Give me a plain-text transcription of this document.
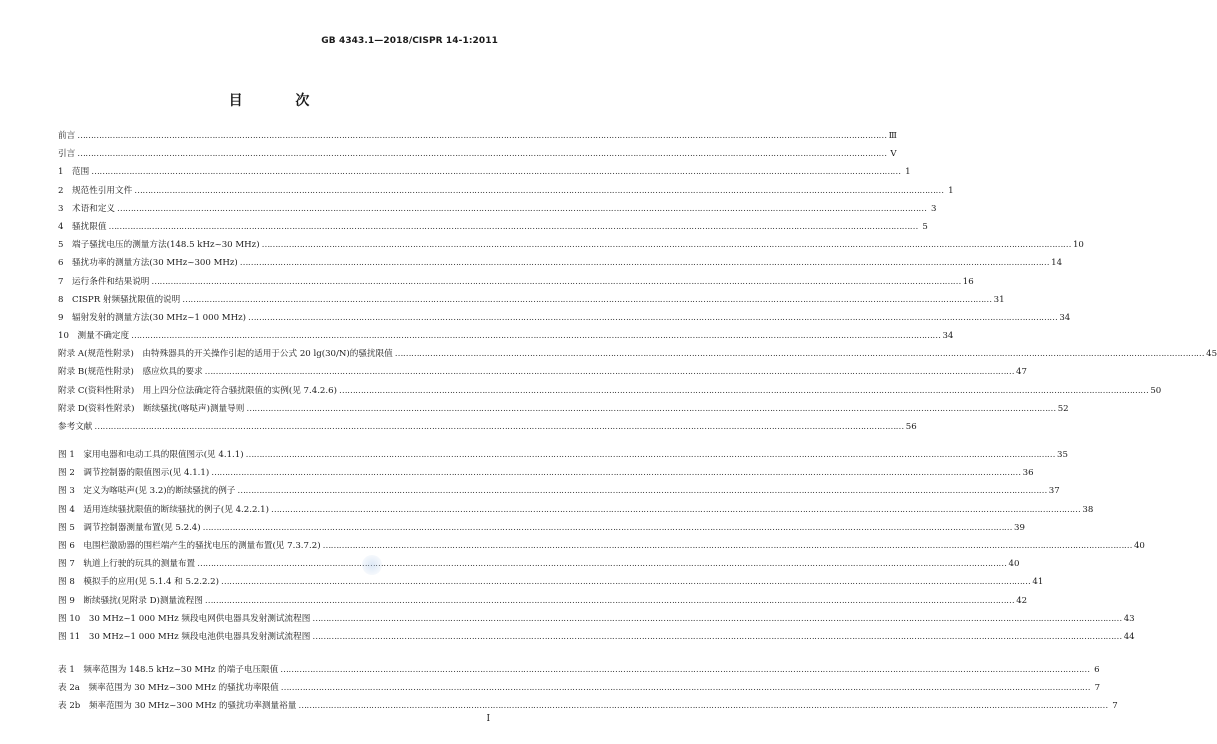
GB 4343.1—2018/CISPR 14-1:2011
目 次
前言 …………………………………………………………………………………………………………………………………………………………………………………………………………………………………………………………………………	Ⅲ
引言 …………………………………………………………………………………………………………………………………………………………………………………………………………………………………………………………………………	Ⅴ
1　范围 …………………………………………………………………………………………………………………………………………………………………………………………………………………………………………………………………………	1
2　规范性引用文件 …………………………………………………………………………………………………………………………………………………………………………………………………………………………………………………………………………	1
3　术语和定义 …………………………………………………………………………………………………………………………………………………………………………………………………………………………………………………………………………	3
4　骚扰限值 …………………………………………………………………………………………………………………………………………………………………………………………………………………………………………………………………………	5
5　端子骚扰电压的测量方法(148.5 kHz~30 MHz) …………………………………………………………………………………………………………………………………………………………………………………………………………………………………………………………………………	10
6　骚扰功率的测量方法(30 MHz~300 MHz) …………………………………………………………………………………………………………………………………………………………………………………………………………………………………………………………………………	14
7　运行条件和结果说明 …………………………………………………………………………………………………………………………………………………………………………………………………………………………………………………………………………	16
8　CISPR 射频骚扰限值的说明 …………………………………………………………………………………………………………………………………………………………………………………………………………………………………………………………………………	31
9　辐射发射的测量方法(30 MHz~1 000 MHz) …………………………………………………………………………………………………………………………………………………………………………………………………………………………………………………………………………	34
10　测量不确定度 …………………………………………………………………………………………………………………………………………………………………………………………………………………………………………………………………………	34
附录 A(规范性附录)　由特殊器具的开关操作引起的适用于公式 20 lg(30/N)的骚扰限值 …………………………………………………………………………………………………………………………………………………………………………………………………………………………………………………………………………	45
附录 B(规范性附录)　感应炊具的要求 …………………………………………………………………………………………………………………………………………………………………………………………………………………………………………………………………………	47
附录 C(资料性附录)　用上四分位法确定符合骚扰限值的实例(见 7.4.2.6) …………………………………………………………………………………………………………………………………………………………………………………………………………………………………………………………………………	50
附录 D(资料性附录)　断续骚扰(喀哒声)测量导则 …………………………………………………………………………………………………………………………………………………………………………………………………………………………………………………………………………	52
参考文献 …………………………………………………………………………………………………………………………………………………………………………………………………………………………………………………………………………	56
图 1　家用电器和电动工具的限值图示(见 4.1.1) …………………………………………………………………………………………………………………………………………………………………………………………………………………………………………………………………………	35
图 2　调节控制器的限值图示(见 4.1.1) …………………………………………………………………………………………………………………………………………………………………………………………………………………………………………………………………………	36
图 3　定义为喀哒声(见 3.2)的断续骚扰的例子 …………………………………………………………………………………………………………………………………………………………………………………………………………………………………………………………………………	37
图 4　适用连续骚扰限值的断续骚扰的例子(见 4.2.2.1) …………………………………………………………………………………………………………………………………………………………………………………………………………………………………………………………………………	38
图 5　调节控制器测量布置(见 5.2.4) …………………………………………………………………………………………………………………………………………………………………………………………………………………………………………………………………………	39
图 6　电围栏激励器的围栏端产生的骚扰电压的测量布置(见 7.3.7.2) …………………………………………………………………………………………………………………………………………………………………………………………………………………………………………………………………………	40
图 7　轨道上行驶的玩具的测量布置 …………………………………………………………………………………………………………………………………………………………………………………………………………………………………………………………………………	40
图 8　模拟手的应用(见 5.1.4 和 5.2.2.2) …………………………………………………………………………………………………………………………………………………………………………………………………………………………………………………………………………	41
图 9　断续骚扰(见附录 D)测量流程图 …………………………………………………………………………………………………………………………………………………………………………………………………………………………………………………………………………	42
图 10　30 MHz~1 000 MHz 频段电网供电器具发射测试流程图 …………………………………………………………………………………………………………………………………………………………………………………………………………………………………………………………………………	43
图 11　30 MHz~1 000 MHz 频段电池供电器具发射测试流程图 …………………………………………………………………………………………………………………………………………………………………………………………………………………………………………………………………………	44
表 1　频率范围为 148.5 kHz~30 MHz 的端子电压限值 …………………………………………………………………………………………………………………………………………………………………………………………………………………………………………………………………………	6
表 2a　频率范围为 30 MHz~300 MHz 的骚扰功率限值 …………………………………………………………………………………………………………………………………………………………………………………………………………………………………………………………………………	7
表 2b　频率范围为 30 MHz~300 MHz 的骚扰功率测量裕量 …………………………………………………………………………………………………………………………………………………………………………………………………………………………………………………………………………	7
Ⅰ
